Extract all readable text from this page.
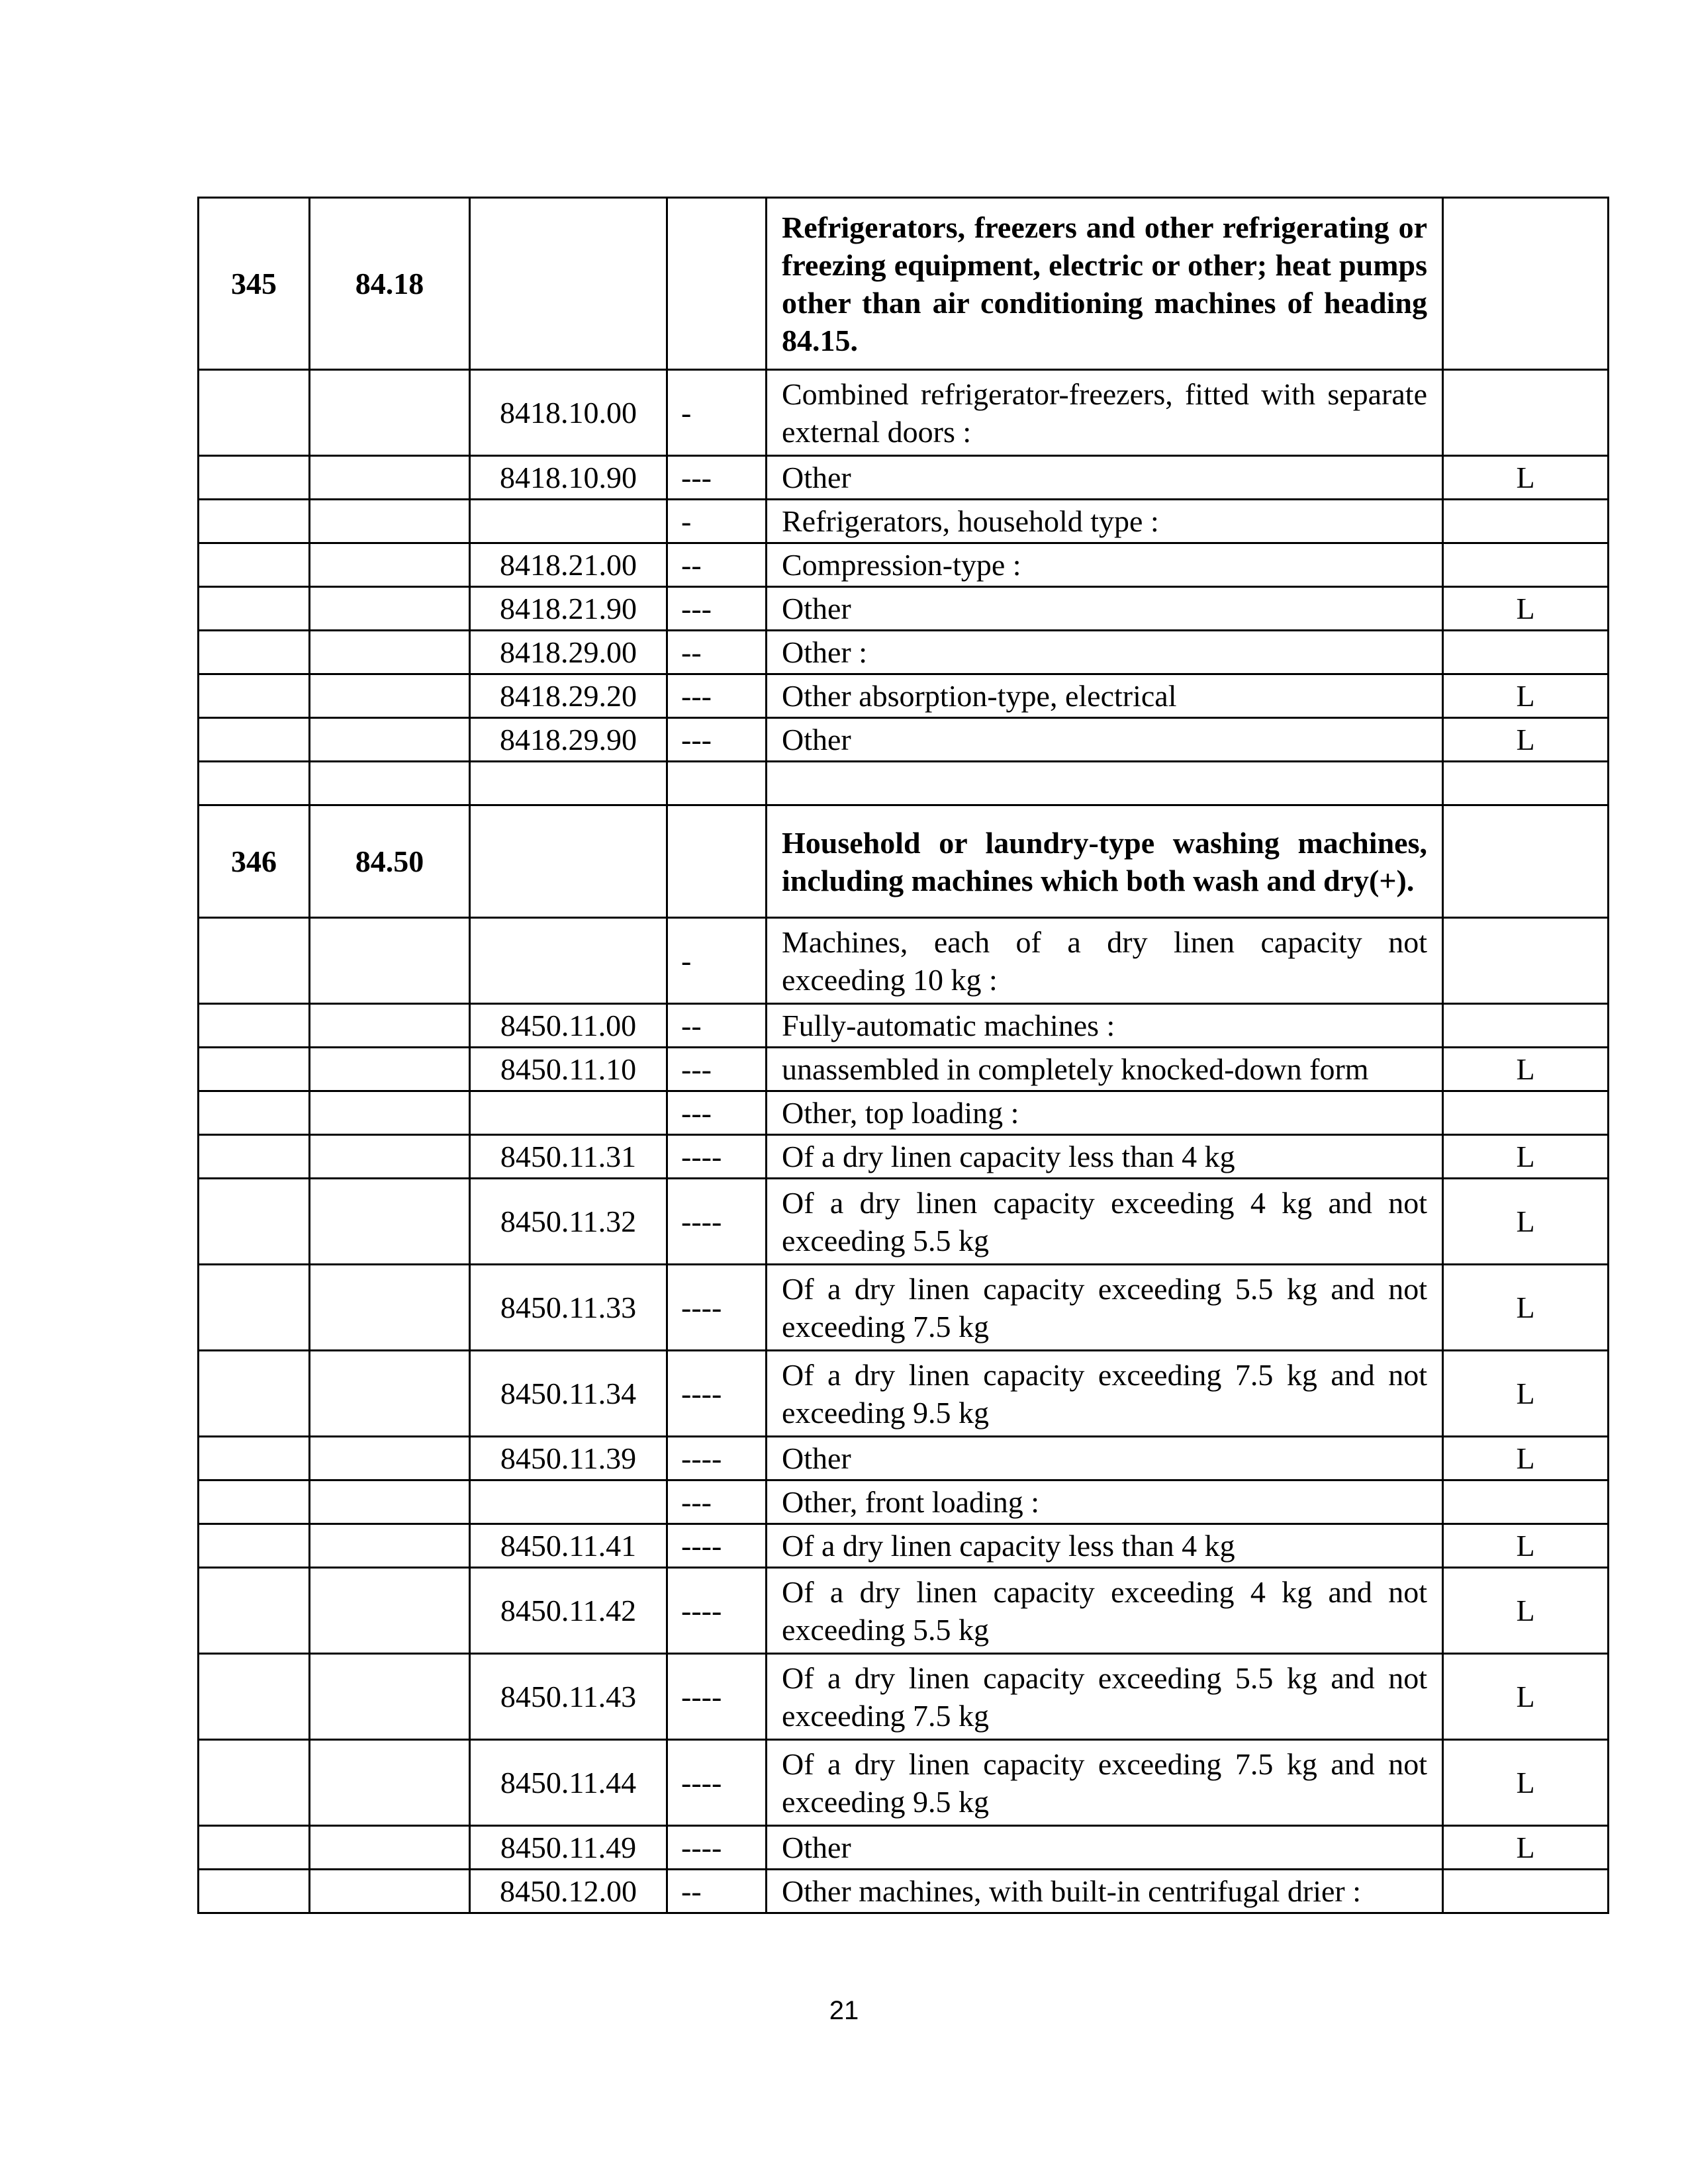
345	84.18			Refrigerators, freezers and other refrigerating or freezing equipment, electric or other; heat pumps other than air conditioning machines of heading 84.15.	
		8418.10.00	-	Combined refrigerator-freezers, fitted with separate external doors :	
		8418.10.90	---	Other	L
			-	Refrigerators, household type :	
		8418.21.00	--	Compression-type :	
		8418.21.90	---	Other	L
		8418.29.00	--	Other :	
		8418.29.20	---	Other absorption-type, electrical	L
		8418.29.90	---	Other	L

346	84.50			Household or laundry-type washing machines, including machines which both wash and dry(+).	
			-	Machines, each of a dry linen capacity not exceeding 10 kg :	
		8450.11.00	--	Fully-automatic machines :	
		8450.11.10	---	unassembled in completely knocked-down form	L
			---	Other, top loading :	
		8450.11.31	----	Of a dry linen capacity less than 4 kg	L
		8450.11.32	----	Of a dry linen capacity exceeding 4 kg and not exceeding 5.5 kg	L
		8450.11.33	----	Of a dry linen capacity exceeding 5.5 kg and not exceeding 7.5 kg	L
		8450.11.34	----	Of a dry linen capacity exceeding 7.5 kg and not exceeding 9.5 kg	L
		8450.11.39	----	Other	L
			---	Other, front loading :	
		8450.11.41	----	Of a dry linen capacity less than 4 kg	L
		8450.11.42	----	Of a dry linen capacity exceeding 4 kg and not exceeding 5.5 kg	L
		8450.11.43	----	Of a dry linen capacity exceeding 5.5 kg and not exceeding 7.5 kg	L
		8450.11.44	----	Of a dry linen capacity exceeding 7.5 kg and not exceeding 9.5 kg	L
		8450.11.49	----	Other	L
		8450.12.00	--	Other machines, with built-in centrifugal drier :	
21
